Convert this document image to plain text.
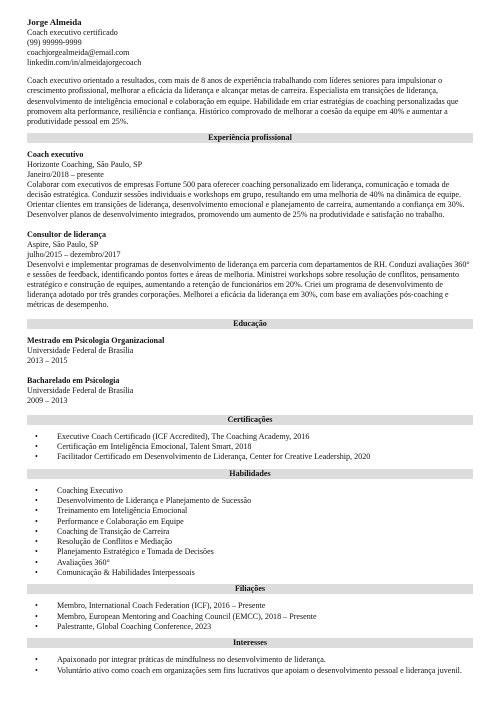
Jorge Almeida
Coach executivo certificado
(99) 99999-9999
coachjorgealmeida@email.com
linkedin.com/in/almeidajorgecoach
Coach executivo orientado a resultados, com mais de 8 anos de experiência trabalhando com líderes seniores para impulsionar o crescimento profissional, melhorar a eficácia da liderança e alcançar metas de carreira. Especialista em transições de liderança, desenvolvimento de inteligência emocional e colaboração em equipe. Habilidade em criar estratégias de coaching personalizadas que promovem alta performance, resiliência e confiança. Histórico comprovado de melhorar a coesão da equipe em 40% e aumentar a produtividade pessoal em 25%.
Experiência profissional
Coach executivo
Horizonte Coaching, São Paulo, SP
Janeiro/2018 – presente
Colaborar com executivos de empresas Fortune 500 para oferecer coaching personalizado em liderança, comunicação e tomada de decisão estratégica. Conduzir sessões individuais e workshops em grupo, resultando em uma melhoria de 40% na dinâmica de equipe. Orientar clientes em transições de liderança, desenvolvimento emocional e planejamento de carreira, aumentando a confiança em 30%. Desenvolver planos de desenvolvimento integrados, promovendo um aumento de 25% na produtividade e satisfação no trabalho.
Consultor de liderança
Aspire, São Paulo, SP
julho/2015 – dezembro/2017
Desenvolvi e implementar programas de desenvolvimento de liderança em parceria com departamentos de RH. Conduzi avaliações 360° e sessões de feedback, identificando pontos fortes e áreas de melhoria. Ministrei workshops sobre resolução de conflitos, pensamento estratégico e construção de equipes, aumentando a retenção de funcionários em 20%. Criei um programa de desenvolvimento de liderança adotado por três grandes corporações. Melhorei a eficácia da liderança em 30%, com base em avaliações pós-coaching e métricas de desempenho.
Educação
Mestrado em Psicologia Organizacional
Universidade Federal de Brasília
2013 – 2015
Bacharelado em Psicologia
Universidade Federal de Brasília
2009 – 2013
Certificações
• Executive Coach Certificado (ICF Accredited), The Coaching Academy, 2016
• Certificação em Inteligência Emocional, Talent Smart, 2018
• Facilitador Certificado em Desenvolvimento de Liderança, Center for Creative Leadership, 2020
Habilidades
• Coaching Executivo
• Desenvolvimento de Liderança e Planejamento de Sucessão
• Treinamento em Inteligência Emocional
• Performance e Colaboração em Equipe
• Coaching de Transição de Carreira
• Resolução de Conflitos e Mediação
• Planejamento Estratégico e Tomada de Decisões
• Avaliações 360°
• Comunicação & Habilidades Interpessoais
Filiações
• Membro, International Coach Federation (ICF), 2016 – Presente
• Membro, European Mentoring and Coaching Council (EMCC), 2018 – Presente
• Palestrante, Global Coaching Conference, 2023
Interesses
• Apaixonado por integrar práticas de mindfulness no desenvolvimento de liderança.
• Voluntário ativo como coach em organizações sem fins lucrativos que apoiam o desenvolvimento pessoal e liderança juvenil.
